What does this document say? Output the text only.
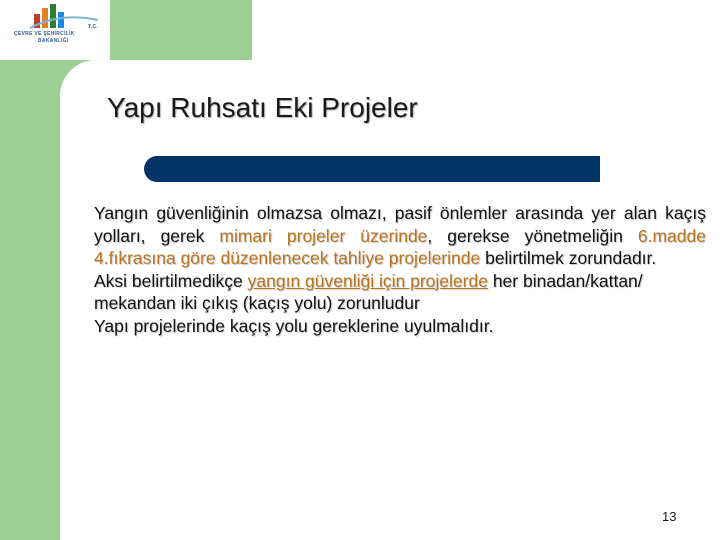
T.C.
ÇEVRE VE ŞEHİRCİLİK
BAKANLIĞI
Yapı Ruhsatı Eki Projeler

Yangın güvenliğinin olmazsa olmazı, pasif önlemler arasında yer alan kaçış yolları, gerek mimari projeler üzerinde, gerekse yönetmeliğin 6.madde 4.fıkrasına göre düzenlenecek tahliye projelerinde belirtilmek zorundadır.

Aksi belirtilmedikçe yangın güvenliği için projelerde her binadan/kattan/ mekandan iki çıkış (kaçış yolu) zorunludur

Yapı projelerinde kaçış yolu gereklerine uyulmalıdır.

13
